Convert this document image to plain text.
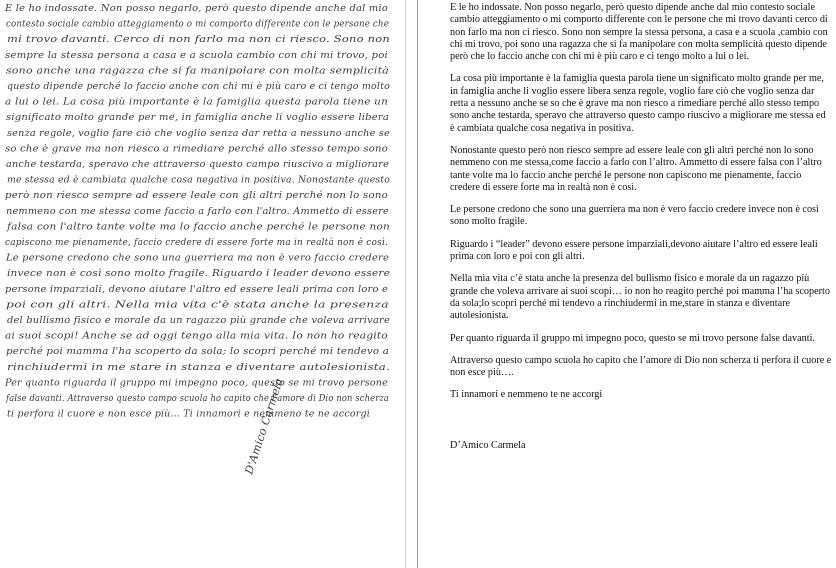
E le ho indossate. Non posso negarlo, però questo dipende anche dal mio
contesto sociale cambio atteggiamento o mi comporto differente con le persone che
mi trovo davanti. Cerco di non farlo ma non ci riesco. Sono non
sempre la stessa persona a casa e a scuola cambio con chi mi trovo, poi
sono anche una ragazza che si fa manipolare con molta semplicità
questo dipende perché lo faccio anche con chi mi è più caro e ci tengo molto
a lui o lei. La cosa più importante è la famiglia questa parola tiene un
significato molto grande per me, in famiglia anche li voglio essere libera
senza regole, voglio fare ciò che voglio senza dar retta a nessuno anche se
so che è grave ma non riesco a rimediare perché allo stesso tempo sono
anche testarda, speravo che attraverso questo campo riuscivo a migliorare
me stessa ed è cambiata qualche cosa negativa in positiva. Nonostante questo
però non riesco sempre ad essere leale con gli altri perché non lo sono
nemmeno con me stessa come faccio a farlo con l'altro. Ammetto di essere
falsa con l'altro tante volte ma lo faccio anche perché le persone non
capiscono me pienamente, faccio credere di essere forte ma in realtà non è così.
Le persone credono che sono una guerriera ma non è vero faccio credere
invece non è così sono molto fragile. Riguardo i leader devono essere
persone imparziali, devono aiutare l'altro ed essere leali prima con loro e
poi con gli altri. Nella mia vita c'è stata anche la presenza
del bullismo fisico e morale da un ragazzo più grande che voleva arrivare
ai suoi scopi! Anche se ad oggi tengo alla mia vita. Io non ho reagito
perché poi mamma l'ha scoperto da sola; lo scopri perché mi tendevo a
rinchiudermi in me stare in stanza e diventare autolesionista.
Per quanto riguarda il gruppo mi impegno poco, questo se mi trovo persone
false davanti. Attraverso questo campo scuola ho capito che l'amore di Dio non scherza
ti perfora il cuore e non esce più... Ti innamori e nemmeno te ne accorgi
D'Amico Carmela

E le ho indossate. Non posso negarlo, però questo dipende anche dal mio contesto sociale cambio atteggiamento o mi comporto differente con le persone che mi trovo davanti cerco di non farlo ma non ci riesco. Sono non sempre la stessa persona, a casa e a scuola ,cambio con chi mi trovo, poi sono una ragazza che si fa manipolare con molta semplicità questo dipende però che lo faccio anche con chi mi è più caro e ci tengo molto a lui o lei.

La cosa più importante è la famiglia questa parola tiene un significato molto grande per me, in famiglia anche li voglio essere libera senza regole, voglio fare ciò che voglio senza dar retta a nessuno anche se so che è grave ma non riesco a rimediare perché allo stesso tempo sono anche testarda, speravo che attraverso questo campo riuscivo a migliorare me stessa ed è cambiata qualche cosa negativa in positiva.

Nonostante questo però non riesco sempre ad essere leale con gli altri perché non lo sono nemmeno con me stessa,come faccio a farlo con l’altro. Ammetto di essere falsa con l’altro tante volte ma lo faccio anche perché le persone non capiscono me pienamente, faccio credere di essere forte ma in realtà non è così.

Le persone credono che sono una guerriera ma non è vero faccio credere invece non è così sono molto fragile.

Riguardo i “leader” devono essere persone imparziali,devono aiutare l’altro ed essere leali prima con loro e poi con gli altri.

Nella mia vita c’è stata anche la presenza del bullismo fisico e morale da un ragazzo più grande che voleva arrivare ai suoi scopi… io non ho reagito perché poi mamma l’ha scoperto da sola;lo scopri perché mi tendevo a rinchiudermi in me,stare in stanza e diventare autolesionista.

Per quanto riguarda il gruppo mi impegno poco, questo se mi trovo persone false davanti.

Attraverso questo campo scuola ho capito che l’amore di Dio non scherza ti perfora il cuore e non esce più….

Ti innamori e nemmeno te ne accorgi

D’Amico Carmela
